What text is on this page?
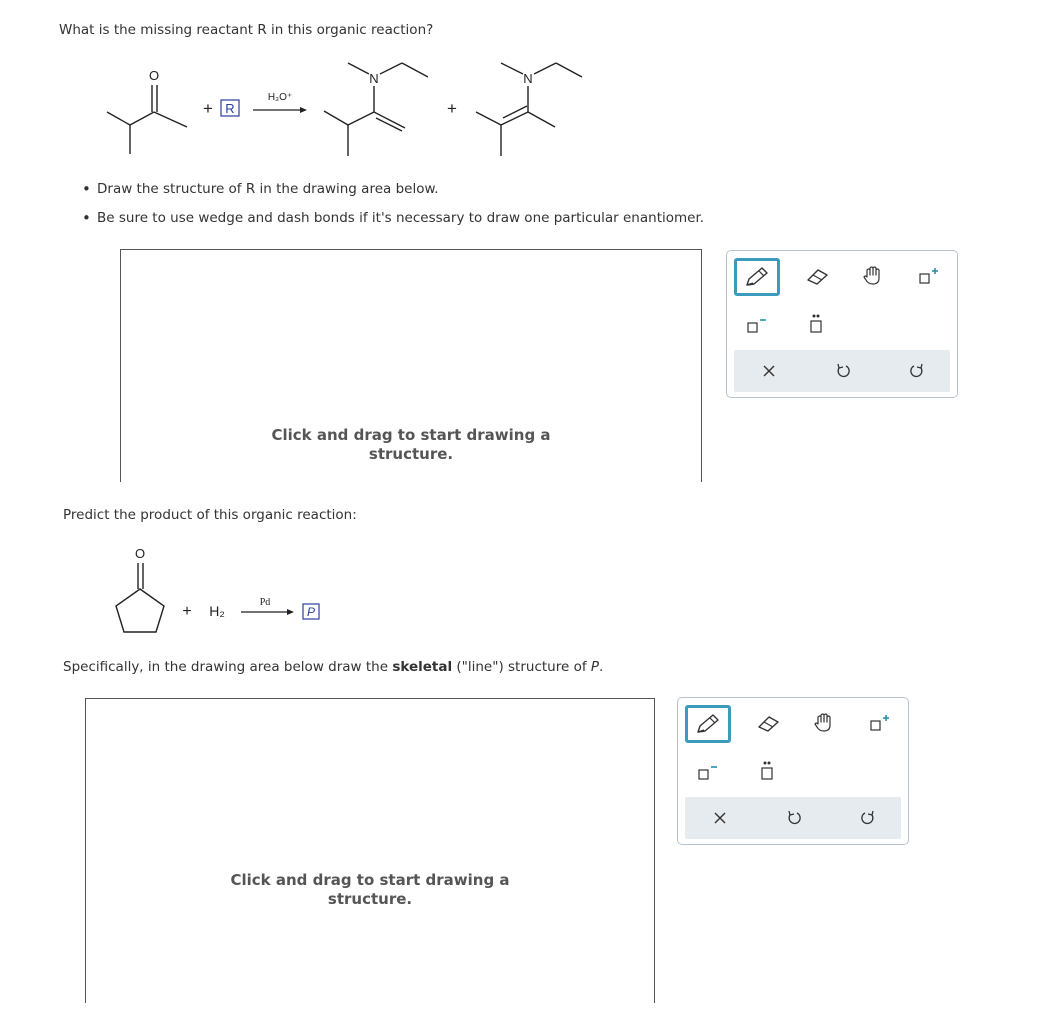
What is the missing reactant R in this organic reaction?
O
+ R
H₃O⁺
N
+
N
• Draw the structure of R in the drawing area below.
• Be sure to use wedge and dash bonds if it's necessary to draw one particular enantiomer.
Click and drag to start drawing a
structure.
Predict the product of this organic reaction:
O
+ H₂
Pd
P
Specifically, in the drawing area below draw the skeletal ("line") structure of P.
Click and drag to start drawing a
structure.
